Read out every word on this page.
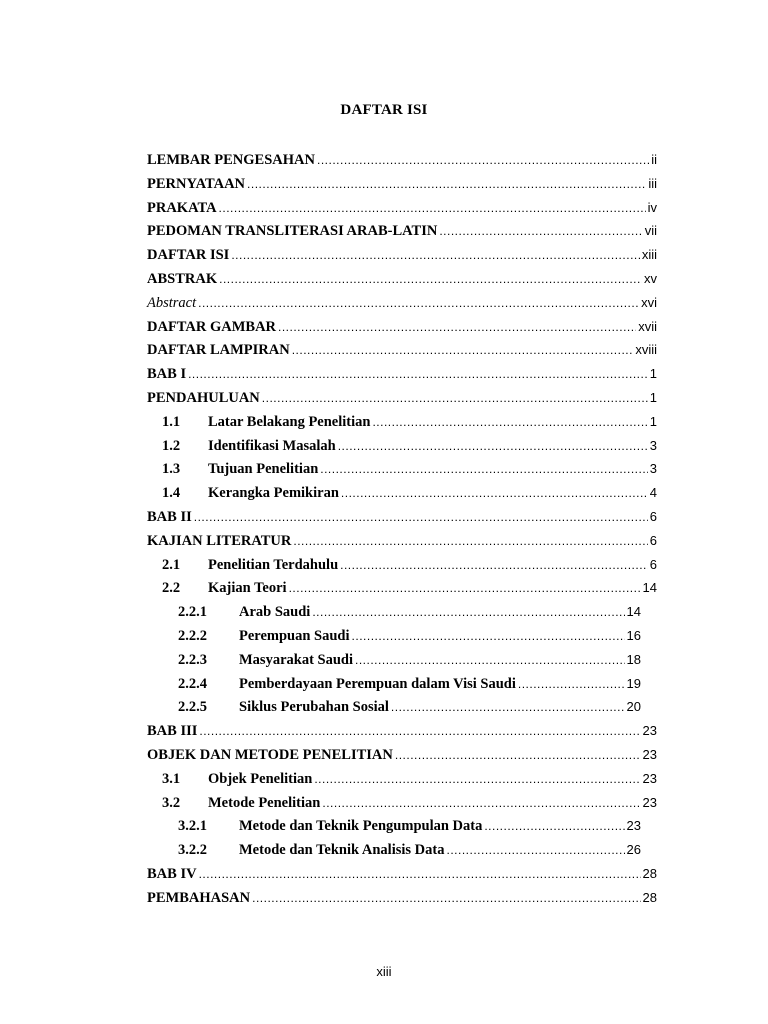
DAFTAR ISI
LEMBAR PENGESAHAN .....	ii
PERNYATAAN .....	iii
PRAKATA .....	iv
PEDOMAN TRANSLITERASI ARAB-LATIN .....	vii
DAFTAR ISI .....	xiii
ABSTRAK .....	xv
Abstract .....	xvi
DAFTAR GAMBAR .....	xvii
DAFTAR LAMPIRAN .....	xviii
BAB I .....	1
PENDAHULUAN .....	1
1.1	Latar Belakang Penelitian .....	1
1.2	Identifikasi Masalah .....	3
1.3	Tujuan Penelitian .....	3
1.4	Kerangka Pemikiran .....	4
BAB II .....	6
KAJIAN LITERATUR .....	6
2.1	Penelitian Terdahulu .....	6
2.2	Kajian Teori .....	14
2.2.1	Arab Saudi .....	14
2.2.2	Perempuan Saudi .....	16
2.2.3	Masyarakat Saudi .....	18
2.2.4	Pemberdayaan Perempuan dalam Visi Saudi .....	19
2.2.5	Siklus Perubahan Sosial .....	20
BAB III .....	23
OBJEK DAN METODE PENELITIAN .....	23
3.1	Objek Penelitian .....	23
3.2	Metode Penelitian .....	23
3.2.1	Metode dan Teknik Pengumpulan Data .....	23
3.2.2	Metode dan Teknik Analisis Data .....	26
BAB IV .....	28
PEMBAHASAN .....	28
xiii
